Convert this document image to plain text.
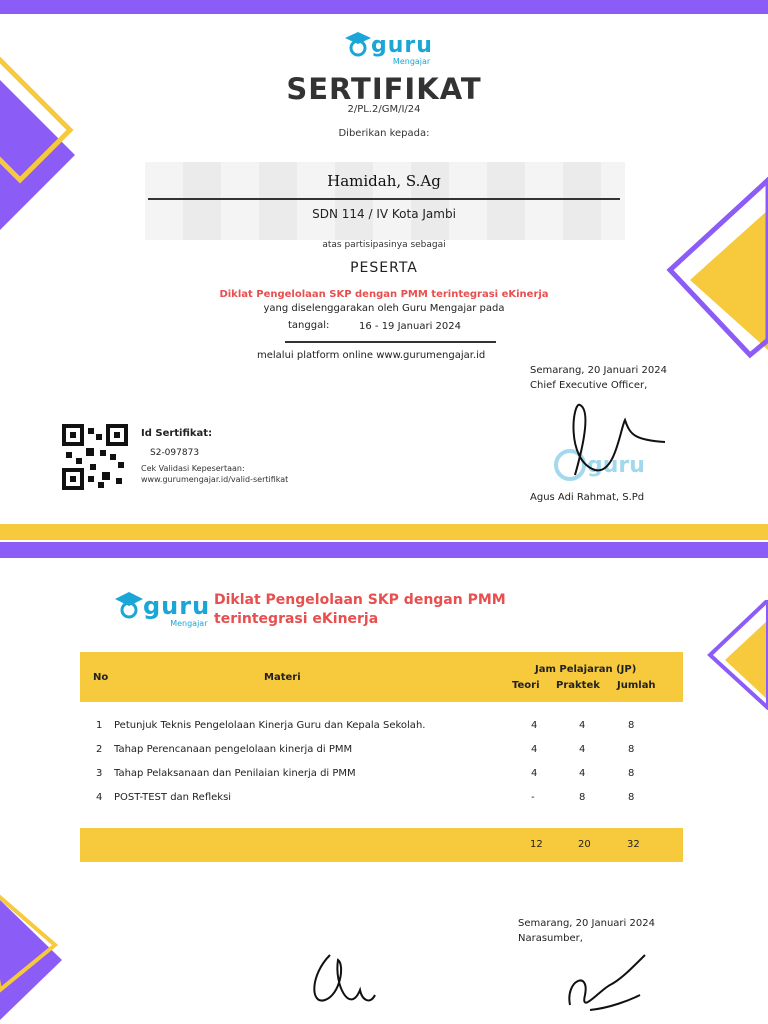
guru
Mengajar
SERTIFIKAT
2/PL.2/GM/I/24
Diberikan kepada:
Hamidah, S.Ag
SDN 114 / IV Kota Jambi
atas partisipasinya sebagai
PESERTA
Diklat Pengelolaan SKP dengan PMM terintegrasi eKinerja
yang diselenggarakan oleh Guru Mengajar pada
tanggal:	16 - 19 Januari 2024
melalui platform online www.gurumengajar.id
Semarang, 20 Januari 2024
Chief Executive Officer,
guru
Agus Adi Rahmat, S.Pd
Id Sertifikat:
S2-097873
Cek Validasi Kepesertaan:
www.gurumengajar.id/valid-sertifikat
guru
Mengajar
Diklat Pengelolaan SKP dengan PMM
terintegrasi eKinerja
No	Materi
Jam Pelajaran (JP)
Teori Praktek Jumlah
1 Petunjuk Teknis Pengelolaan Kinerja Guru dan Kepala Sekolah.	4	4	8
2 Tahap Perencanaan pengelolaan kinerja di PMM	4	4	8
3 Tahap Pelaksanaan dan Penilaian kinerja di PMM	4	4	8
4 POST-TEST dan Refleksi	-	8	8
12	20	32
Semarang, 20 Januari 2024
Narasumber,
